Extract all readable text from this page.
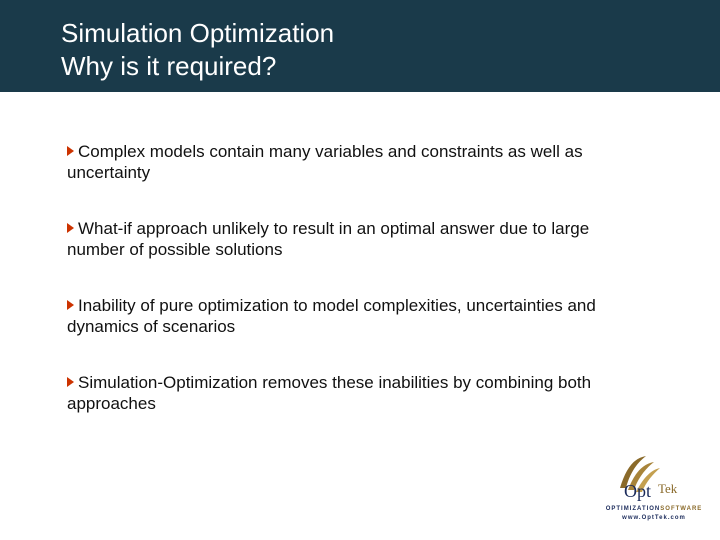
Simulation Optimization
Why is it required?
Complex models contain many variables and constraints as well as uncertainty
What-if approach unlikely to result in an optimal answer due to large number of possible solutions
Inability of pure optimization to model complexities, uncertainties and dynamics of scenarios
Simulation-Optimization removes these inabilities by combining both approaches
Opt Tek
OPTIMIZATIONSOFTWARE
www.OptTek.com
